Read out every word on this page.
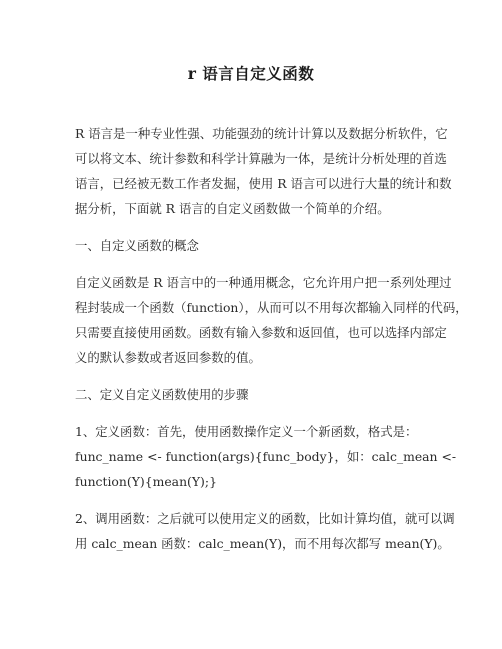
r 语言自定义函数
R 语言是一种专业性强、功能强劲的统计计算以及数据分析软件，它
可以将文本、统计参数和科学计算融为一体，是统计分析处理的首选
语言，已经被无数工作者发掘，使用 R 语言可以进行大量的统计和数
据分析，下面就 R 语言的自定义函数做一个简单的介绍。
一、自定义函数的概念
自定义函数是 R 语言中的一种通用概念，它允许用户把一系列处理过
程封装成一个函数（function），从而可以不用每次都输入同样的代码，
只需要直接使用函数。函数有输入参数和返回值，也可以选择内部定
义的默认参数或者返回参数的值。
二、定义自定义函数使用的步骤
1、定义函数：首先，使用函数操作定义一个新函数，格式是：
func_name <- function(args){func_body}，如：calc_mean <-
function(Y){mean(Y);}
2、调用函数：之后就可以使用定义的函数，比如计算均值，就可以调
用 calc_mean 函数：calc_mean(Y)，而不用每次都写 mean(Y)。
